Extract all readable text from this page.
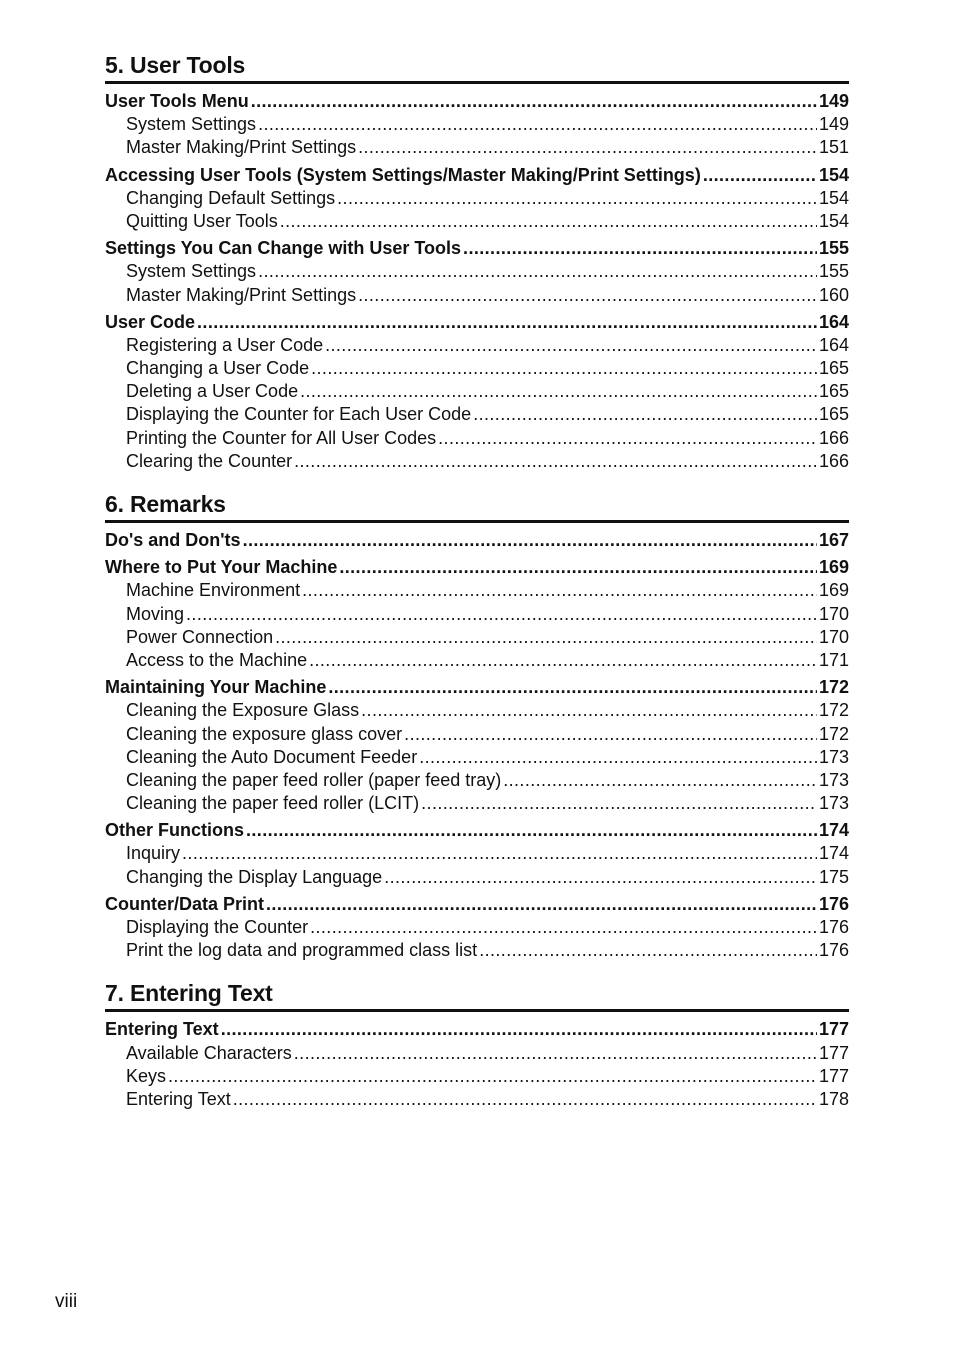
5. User Tools
User Tools Menu .....	149
System Settings .....	149
Master Making/Print Settings .....	151
Accessing User Tools (System Settings/Master Making/Print Settings) .....	154
Changing Default Settings .....	154
Quitting User Tools .....	154
Settings You Can Change with User Tools .....	155
System Settings .....	155
Master Making/Print Settings .....	160
User Code .....	164
Registering a User Code .....	164
Changing a User Code .....	165
Deleting a User Code .....	165
Displaying the Counter for Each User Code .....	165
Printing the Counter for All User Codes .....	166
Clearing the Counter .....	166
6. Remarks
Do's and Don'ts .....	167
Where to Put Your Machine .....	169
Machine Environment .....	169
Moving .....	170
Power Connection .....	170
Access to the Machine .....	171
Maintaining Your Machine .....	172
Cleaning the Exposure Glass .....	172
Cleaning the exposure glass cover .....	172
Cleaning the Auto Document Feeder .....	173
Cleaning the paper feed roller (paper feed tray) .....	173
Cleaning the paper feed roller (LCIT) .....	173
Other Functions .....	174
Inquiry .....	174
Changing the Display Language .....	175
Counter/Data Print .....	176
Displaying the Counter .....	176
Print the log data and programmed class list .....	176
7. Entering Text
Entering Text .....	177
Available Characters .....	177
Keys .....	177
Entering Text .....	178
viii
